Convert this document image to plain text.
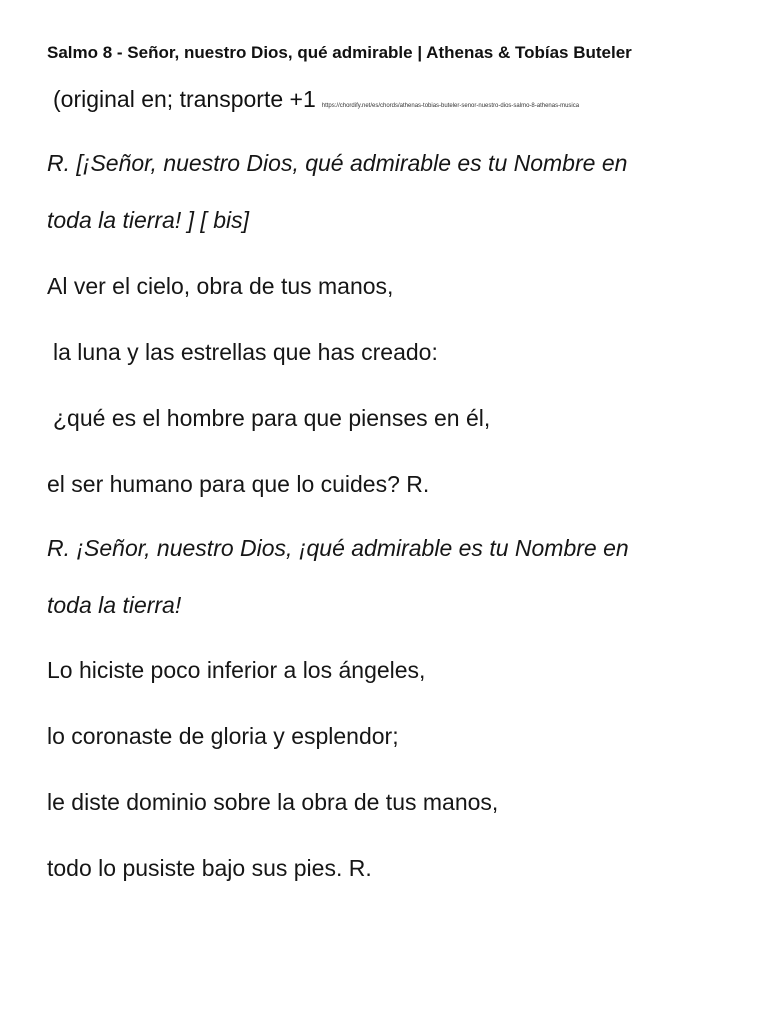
Salmo 8 - Señor, nuestro Dios, qué admirable | Athenas & Tobías Buteler
(original en; transporte +1 https://chordify.net/es/chords/athenas-tobias-buteler-senor-nuestro-dios-salmo-8-athenas-musica
R. [¡Señor, nuestro Dios, qué admirable es tu Nombre en
toda la tierra! ] [ bis]
Al ver el cielo, obra de tus manos,
la luna y las estrellas que has creado:
¿qué es el hombre para que pienses en él,
el ser humano para que lo cuides? R.
R. ¡Señor, nuestro Dios, ¡qué admirable es tu Nombre en
toda la tierra!
Lo hiciste poco inferior a los ángeles,
lo coronaste de gloria y esplendor;
le diste dominio sobre la obra de tus manos,
todo lo pusiste bajo sus pies. R.
